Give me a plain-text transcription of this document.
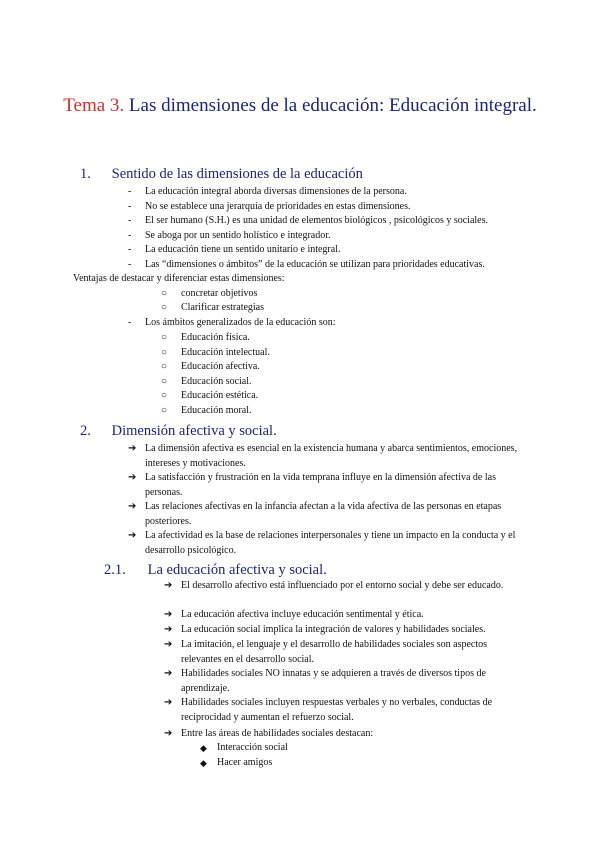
Tema 3. Las dimensiones de la educación: Educación integral.
1. Sentido de las dimensiones de la educación
- La educación integral aborda diversas dimensiones de la persona.

- No se establece una jerarquía de prioridades en estas dimensiones.

- El ser humano (S.H.) es una unidad de elementos biológicos , psicológicos y sociales.

- Se aboga por un sentido holístico e integrador.

- La educación tiene un sentido unitario e integral.

- Las “dimensiones o ámbitos” de la educación se utilizan para prioridades educativas.

Ventajas de destacar y diferenciar estas dimensiones:

○ concretar objetivos

○ Clarificar estrategias

- Los ámbitos generalizados de la educación son:

○ Educación física.

○ Educación intelectual.

○ Educación afectiva.

○ Educación social.

○ Educación estética.

○ Educación moral.

2. Dimensión afectiva y social.
➔ La dimensión afectiva es esencial en la existencia humana y abarca sentimientos, emociones, intereses y motivaciones.

➔ La satisfacción y frustración en la vida temprana influye en la dimensión afectiva de las personas.

➔ Las relaciones afectivas en la infancia afectan a la vida afectiva de las personas en etapas posteriores.

➔ La afectividad es la base de relaciones interpersonales y tiene un impacto en la conducta y el desarrollo psicológico.

2.1. La educación afectiva y social.
➔ El desarrollo afectivo está influenciado por el entorno social y debe ser educado.

➔ La educación afectiva incluye educación sentimental y ética.

➔ La educación social implica la integración de valores y habilidades sociales.

➔ La imitación, el lenguaje y el desarrollo de habilidades sociales son aspectos relevantes en el desarrollo social.

➔ Habilidades sociales NO innatas y se adquieren a través de diversos tipos de aprendizaje.

➔ Habilidades sociales incluyen respuestas verbales y no verbales, conductas de reciprocidad y aumentan el refuerzo social.

➔ Entre las áreas de habilidades sociales destacan:

◆ Interacción social

◆ Hacer amigos
